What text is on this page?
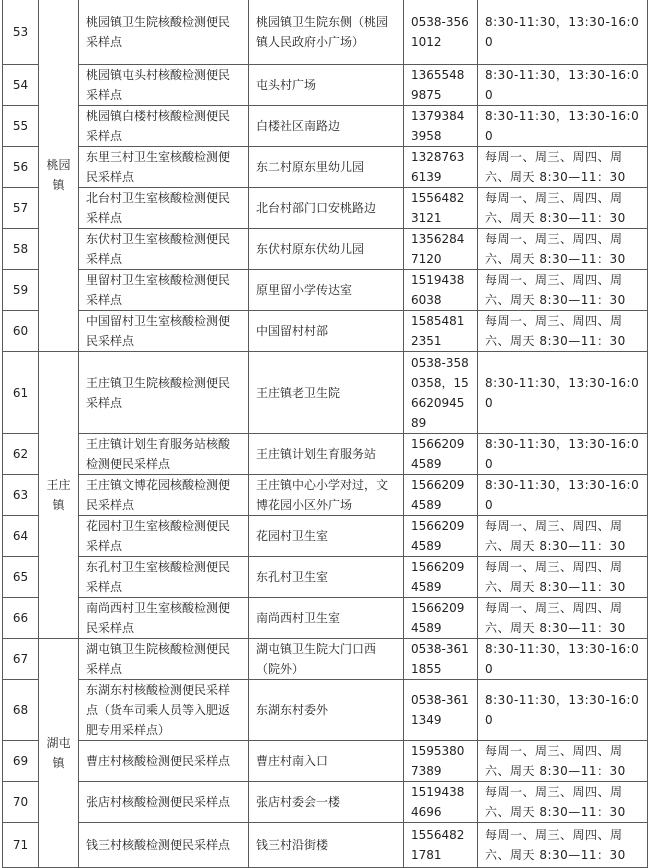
53	桃园镇	桃园镇卫生院核酸检测便民采样点	桃园镇卫生院东侧（桃园镇人民政府小广场）	0538-3561012	8:30-11:30，13:30-16:00
54		桃园镇屯头村核酸检测便民采样点	屯头村广场	13655489875	8:30-11:30，13:30-16:00
55		桃园镇白楼村核酸检测便民采样点	白楼社区南路边	13793843958	8:30-11:30，13:30-16:00
56		东里三村卫生室核酸检测便民采样点	东二村原东里幼儿园	13287636139	每周一、周三、周四、周六、周天 8:30—11：30
57		北台村卫生室核酸检测便民采样点	北台村部门口安桃路边	15564823121	每周一、周三、周四、周六、周天 8:30—11：30
58		东伏村卫生室核酸检测便民采样点	东伏村原东伏幼儿园	13562847120	每周一、周三、周四、周六、周天 8:30—11：30
59		里留村卫生室核酸检测便民采样点	原里留小学传达室	15194386038	每周一、周三、周四、周六、周天 8:30—11：30
60		中国留村卫生室核酸检测便民采样点	中国留村村部	15854812351	每周一、周三、周四、周六、周天 8:30—11：30
61	王庄镇	王庄镇卫生院核酸检测便民采样点	王庄镇老卫生院	0538-3580358，15662094589	8:30-11:30，13:30-16:00
62		王庄镇计划生育服务站核酸检测便民采样点	王庄镇计划生育服务站	15662094589	8:30-11:30，13:30-16:00
63		王庄镇文博花园核酸检测便民采样点	王庄镇中心小学对过，文博花园小区外广场	15662094589	8:30-11:30，13:30-16:00
64		花园村卫生室核酸检测便民采样点	花园村卫生室	15662094589	每周一、周三、周四、周六、周天 8:30—11：30
65		东孔村卫生室核酸检测便民采样点	东孔村卫生室	15662094589	每周一、周三、周四、周六、周天 8:30—11：30
66		南尚西村卫生室核酸检测便民采样点	南尚西村卫生室	15662094589	每周一、周三、周四、周六、周天 8:30—11：30
67	湖屯镇	湖屯镇卫生院核酸检测便民采样点	湖屯镇卫生院大门口西（院外）	0538-3611855	8:30-11:30，13:30-16:00
68		东湖东村核酸检测便民采样点（货车司乘人员等入肥返肥专用采样点）	东湖东村委外	0538-3611349	8:30-11:30，13:30-16:00
69		曹庄村核酸检测便民采样点	曹庄村南入口	15953807389	每周一、周三、周四、周六、周天 8:30—11：30
70		张店村核酸检测便民采样点	张店村委会一楼	15194384696	每周一、周三、周四、周六、周天 8:30—11：30
71		钱三村核酸检测便民采样点	钱三村沿街楼	15564821781	每周一、周三、周四、周六、周天 8:30—11：30
